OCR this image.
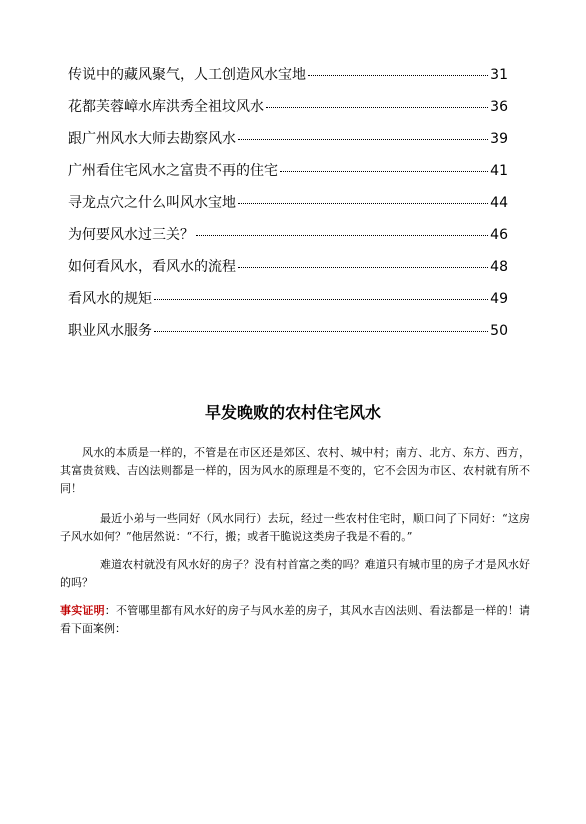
传说中的藏风聚气，人工创造风水宝地	31
花都芙蓉嶂水库洪秀全祖坟风水	36
跟广州风水大师去勘察风水	39
广州看住宅风水之富贵不再的住宅	41
寻龙点穴之什么叫风水宝地	44
为何要风水过三关？	46
如何看风水，看风水的流程	48
看风水的规矩	49
职业风水服务	50
早发晚败的农村住宅风水
风水的本质是一样的，不管是在市区还是郊区、农村、城中村；南方、北方、东方、西方，其富贵贫贱、吉凶法则都是一样的，因为风水的原理是不变的，它不会因为市区、农村就有所不同！
最近小弟与一些同好（风水同行）去玩，经过一些农村住宅时，顺口问了下同好：“这房子风水如何？”他居然说：“不行，搬；或者干脆说这类房子我是不看的。”
难道农村就没有风水好的房子？没有村首富之类的吗？难道只有城市里的房子才是风水好的吗？
事实证明：不管哪里都有风水好的房子与风水差的房子，其风水吉凶法则、看法都是一样的！请看下面案例：
